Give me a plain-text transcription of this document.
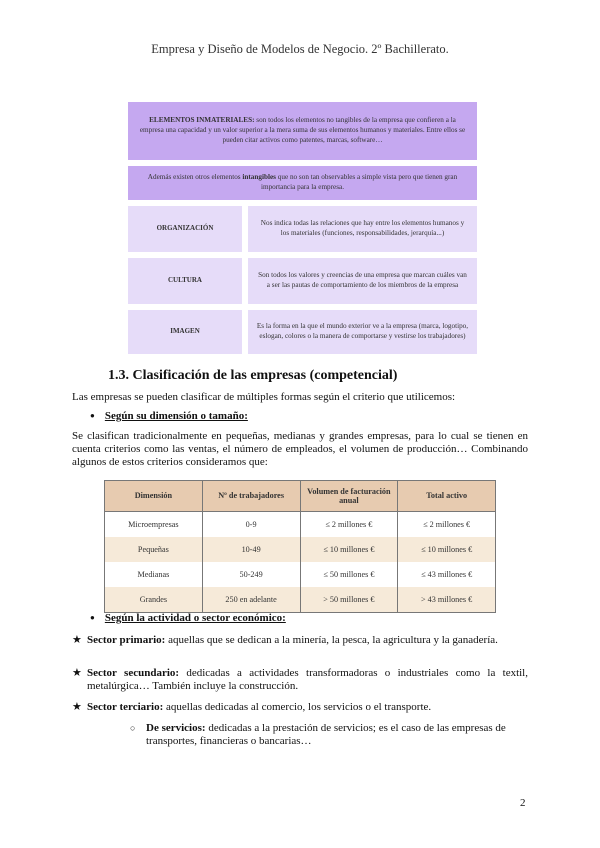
Empresa y Diseño de Modelos de Negocio. 2º Bachillerato.
ELEMENTOS INMATERIALES: son todos los elementos no tangibles de la empresa que confieren a la empresa una capacidad y un valor superior a la mera suma de sus elementos humanos y materiales. Entre ellos se pueden citar activos como patentes, marcas, software…
Además existen otros elementos intangibles que no son tan observables a simple vista pero que tienen gran importancia para la empresa.
ORGANIZACIÓN
Nos indica todas las relaciones que hay entre los elementos humanos y los materiales (funciones, responsabilidades, jerarquía...)
CULTURA
Son todos los valores y creencias de una empresa que marcan cuáles van a ser las pautas de comportamiento de los miembros de la empresa
IMAGEN
Es la forma en la que el mundo exterior ve a la empresa (marca, logotipo, eslogan, colores o la manera de comportarse y vestirse los trabajadores)
1.3. Clasificación de las empresas (competencial)
Las empresas se pueden clasificar de múltiples formas según el criterio que utilicemos:
● Según su dimensión o tamaño:
Se clasifican tradicionalmente en pequeñas, medianas y grandes empresas, para lo cual se tienen en cuenta criterios como las ventas, el número de empleados, el volumen de producción… Combinando algunos de estos criterios consideramos que:
Dimensión	Nº de trabajadores	Volumen de facturación anual	Total activo
Microempresas	0-9	≤ 2 millones €	≤ 2 millones €
Pequeñas	10-49	≤ 10 millones €	≤ 10 millones €
Medianas	50-249	≤ 50 millones €	≤ 43 millones €
Grandes	250 en adelante	> 50 millones €	> 43 millones €
● Según la actividad o sector económico:
★ Sector primario: aquellas que se dedican a la minería, la pesca, la agricultura y la ganadería.
★ Sector secundario: dedicadas a actividades transformadoras o industriales como la textil, metalúrgica… También incluye la construcción.
★ Sector terciario: aquellas dedicadas al comercio, los servicios o el transporte.
○ De servicios: dedicadas a la prestación de servicios; es el caso de las empresas de transportes, financieras o bancarias…
2
